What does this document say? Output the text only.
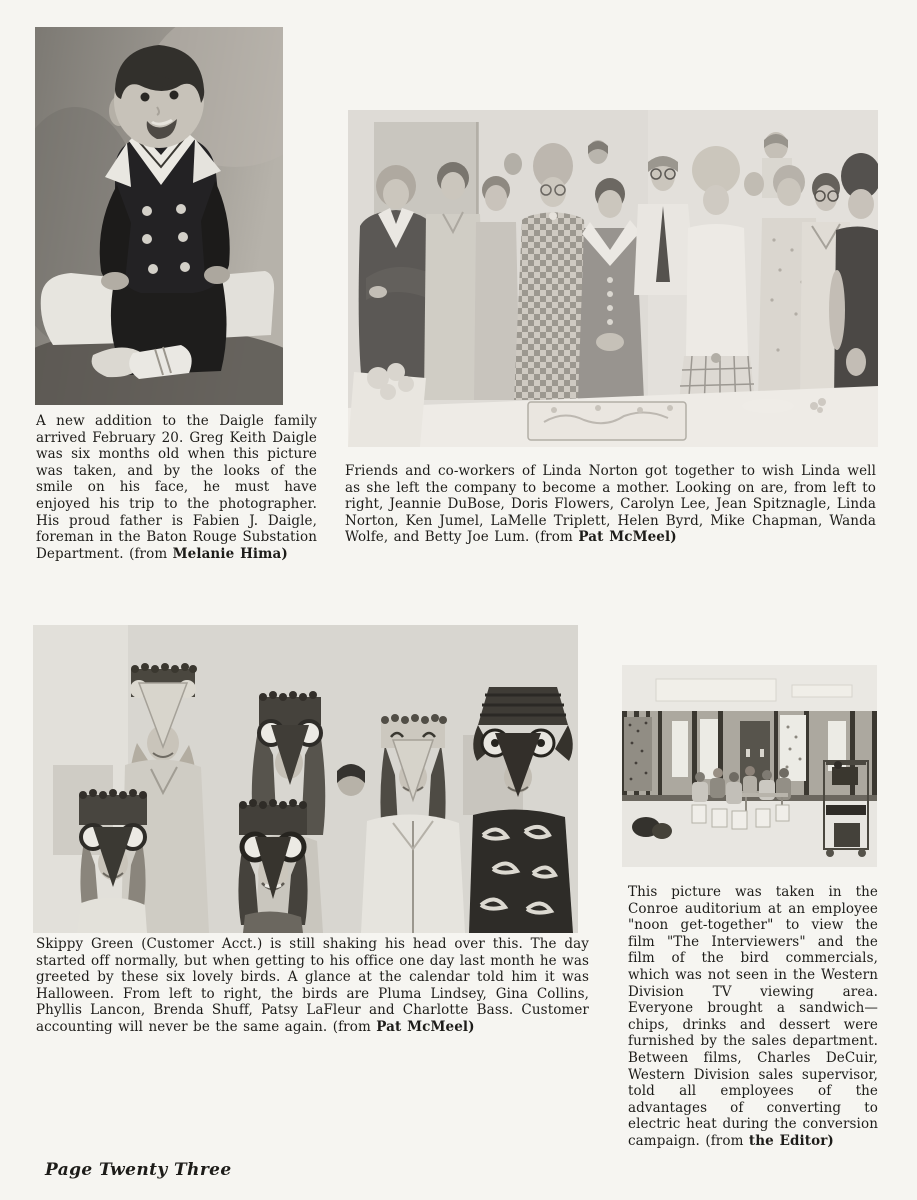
A new addition to the Daigle family arrived February 20. Greg Keith Daigle was six months old when this picture was taken, and by the looks of the smile on his face, he must have enjoyed his trip to the photographer. His proud father is Fabien J. Daigle, foreman in the Baton Rouge Substation Department. (from Melanie Hima)

Friends and co-workers of Linda Norton got together to wish Linda well as she left the company to become a mother. Looking on are, from left to right, Jeannie DuBose, Doris Flowers, Carolyn Lee, Jean Spitznagle, Linda Norton, Ken Jumel, LaMelle Triplett, Helen Byrd, Mike Chapman, Wanda Wolfe, and Betty Joe Lum. (from Pat McMeel)

Skippy Green (Customer Acct.) is still shaking his head over this. The day started off normally, but when getting to his office one day last month he was greeted by these six lovely birds. A glance at the calendar told him it was Halloween. From left to right, the birds are Pluma Lindsey, Gina Collins, Phyllis Lancon, Brenda Shuff, Patsy LaFleur and Charlotte Bass. Customer accounting will never be the same again. (from Pat McMeel)

This picture was taken in the Conroe auditorium at an employee "noon get-together" to view the film "The Interviewers" and the film of the bird commercials, which was not seen in the Western Division TV viewing area. Everyone brought a sandwich—chips, drinks and dessert were furnished by the sales department. Between films, Charles DeCuir, Western Division sales supervisor, told all employees of the advantages of converting to electric heat during the conversion campaign. (from the Editor)

Page Twenty Three
